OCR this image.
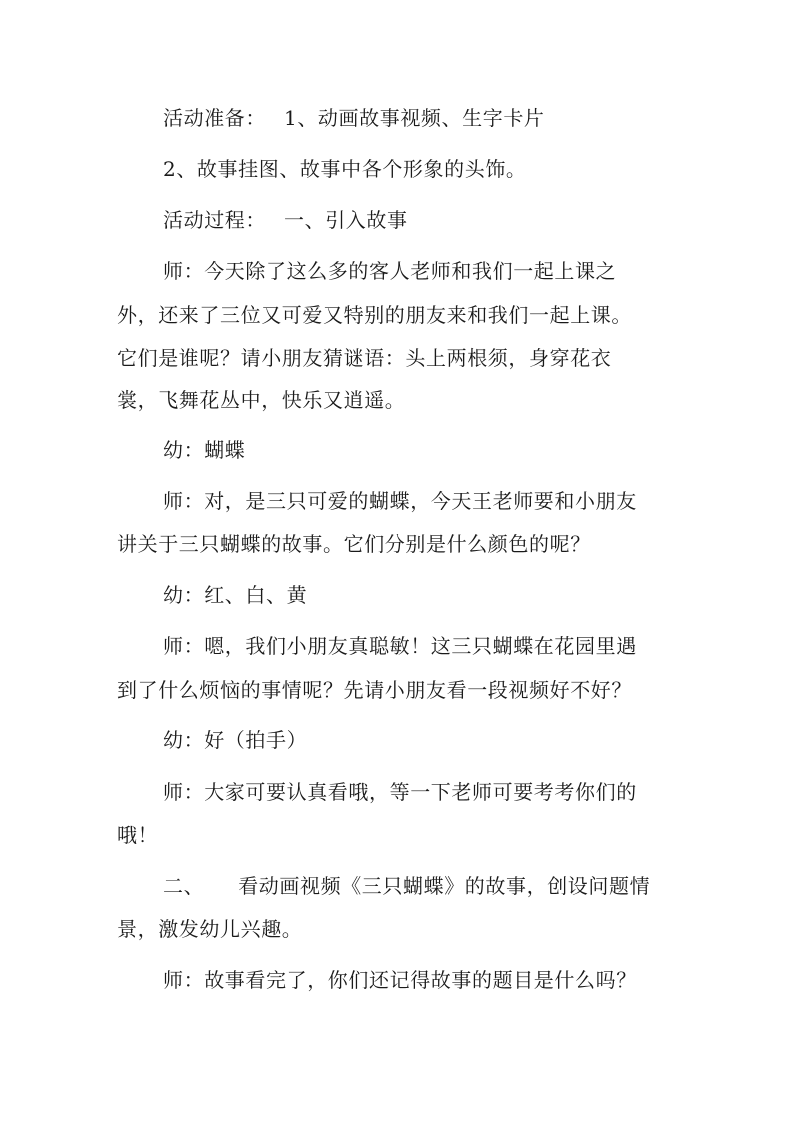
活动准备： 1、动画故事视频、生字卡片
2、故事挂图、故事中各个形象的头饰。
活动过程： 一、引入故事
师：今天除了这么多的客人老师和我们一起上课之
外，还来了三位又可爱又特别的朋友来和我们一起上课。
它们是谁呢？请小朋友猜谜语：头上两根须，身穿花衣
裳，飞舞花丛中，快乐又逍遥。
幼：蝴蝶
师：对，是三只可爱的蝴蝶，今天王老师要和小朋友
讲关于三只蝴蝶的故事。它们分别是什么颜色的呢？
幼：红、白、黄
师：嗯，我们小朋友真聪敏！这三只蝴蝶在花园里遇
到了什么烦恼的事情呢？先请小朋友看一段视频好不好？
幼：好（拍手）
师：大家可要认真看哦，等一下老师可要考考你们的
哦！
二、 看动画视频《三只蝴蝶》的故事，创设问题情
景，激发幼儿兴趣。
师：故事看完了，你们还记得故事的题目是什么吗？
